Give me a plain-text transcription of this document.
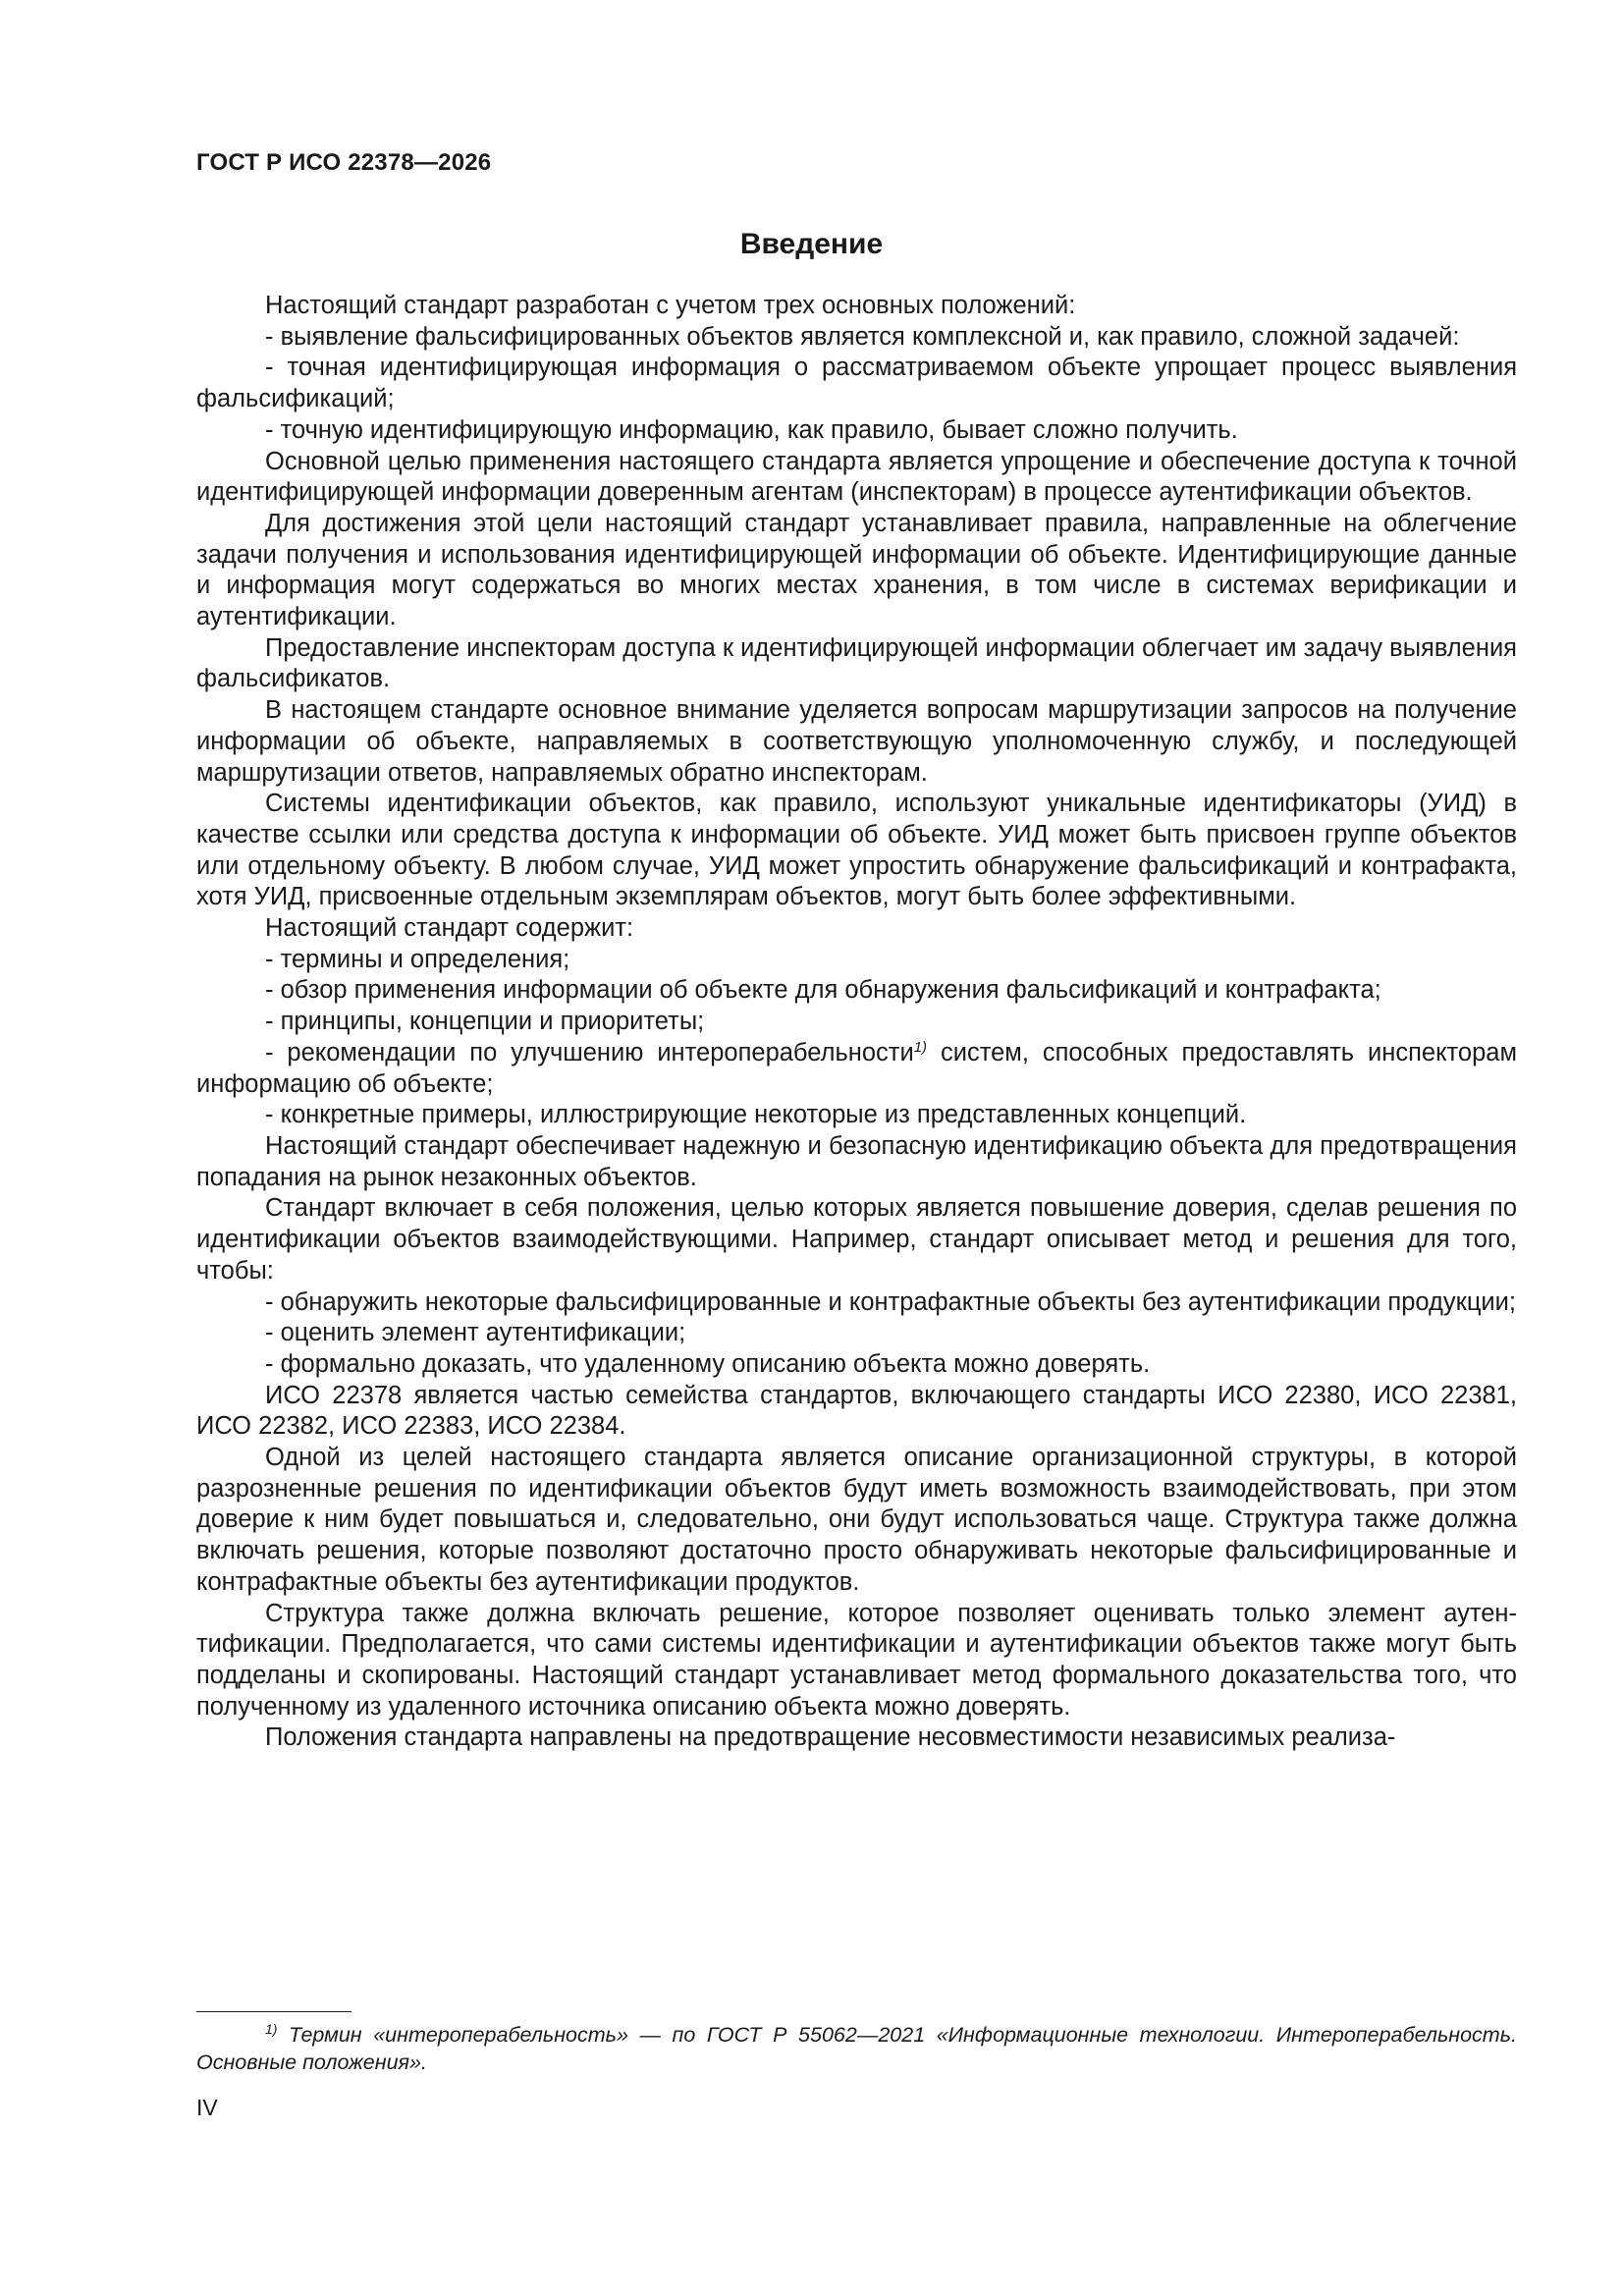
ГОСТ Р ИСО 22378—2026
Введение

Настоящий стандарт разработан с учетом трех основных положений:

- выявление фальсифицированных объектов является комплексной и, как правило, сложной задачей:

- точная идентифицирующая информация о рассматриваемом объекте упрощает процесс выявления фальсификаций;

- точную идентифицирующую информацию, как правило, бывает сложно получить.

Основной целью применения настоящего стандарта является упрощение и обеспечение доступа к точной идентифицирующей информации доверенным агентам (инспекторам) в процессе аутентификации объектов.

Для достижения этой цели настоящий стандарт устанавливает правила, направленные на облегчение задачи получения и использования идентифицирующей информации об объекте. Идентифицирующие данные и информация могут содержаться во многих местах хранения, в том числе в системах верификации и аутентификации.

Предоставление инспекторам доступа к идентифицирующей информации облегчает им задачу выявления фальсификатов.

В настоящем стандарте основное внимание уделяется вопросам маршрутизации запросов на получение информации об объекте, направляемых в соответствующую уполномоченную службу, и последующей маршрутизации ответов, направляемых обратно инспекторам.

Системы идентификации объектов, как правило, используют уникальные идентификаторы (УИД) в качестве ссылки или средства доступа к информации об объекте. УИД может быть присвоен группе объектов или отдельному объекту. В любом случае, УИД может упростить обнаружение фальсификаций и контрафакта, хотя УИД, присвоенные отдельным экземплярам объектов, могут быть более эффективными.

Настоящий стандарт содержит:

- термины и определения;

- обзор применения информации об объекте для обнаружения фальсификаций и контрафакта;

- принципы, концепции и приоритеты;

- рекомендации по улучшению интероперабельности$^{1)}$ систем, способных предоставлять инспекторам информацию об объекте;

- конкретные примеры, иллюстрирующие некоторые из представленных концепций.

Настоящий стандарт обеспечивает надежную и безопасную идентификацию объекта для предотвращения попадания на рынок незаконных объектов.

Стандарт включает в себя положения, целью которых является повышение доверия, сделав решения по идентификации объектов взаимодействующими. Например, стандарт описывает метод и решения для того, чтобы:

- обнаружить некоторые фальсифицированные и контрафактные объекты без аутентификации продукции;

- оценить элемент аутентификации;

- формально доказать, что удаленному описанию объекта можно доверять.

ИСО 22378 является частью семейства стандартов, включающего стандарты ИСО 22380, ИСО 22381, ИСО 22382, ИСО 22383, ИСО 22384.

Одной из целей настоящего стандарта является описание организационной структуры, в которой разрозненные решения по идентификации объектов будут иметь возможность взаимодействовать, при этом доверие к ним будет повышаться и, следовательно, они будут использоваться чаще. Структура также должна включать решения, которые позволяют достаточно просто обнаруживать некоторые фальсифицированные и контрафактные объекты без аутентификации продуктов.

Структура также должна включать решение, которое позволяет оценивать только элемент аутентификации. Предполагается, что сами системы идентификации и аутентификации объектов также могут быть подделаны и скопированы. Настоящий стандарт устанавливает метод формального доказательства того, что полученному из удаленного источника описанию объекта можно доверять.

Положения стандарта направлены на предотвращение несовместимости независимых реализа-

$^{1)}$ Термин «интероперабельность» — по ГОСТ Р 55062—2021 «Информационные технологии. Интероперабельность. Основные положения».

IV
